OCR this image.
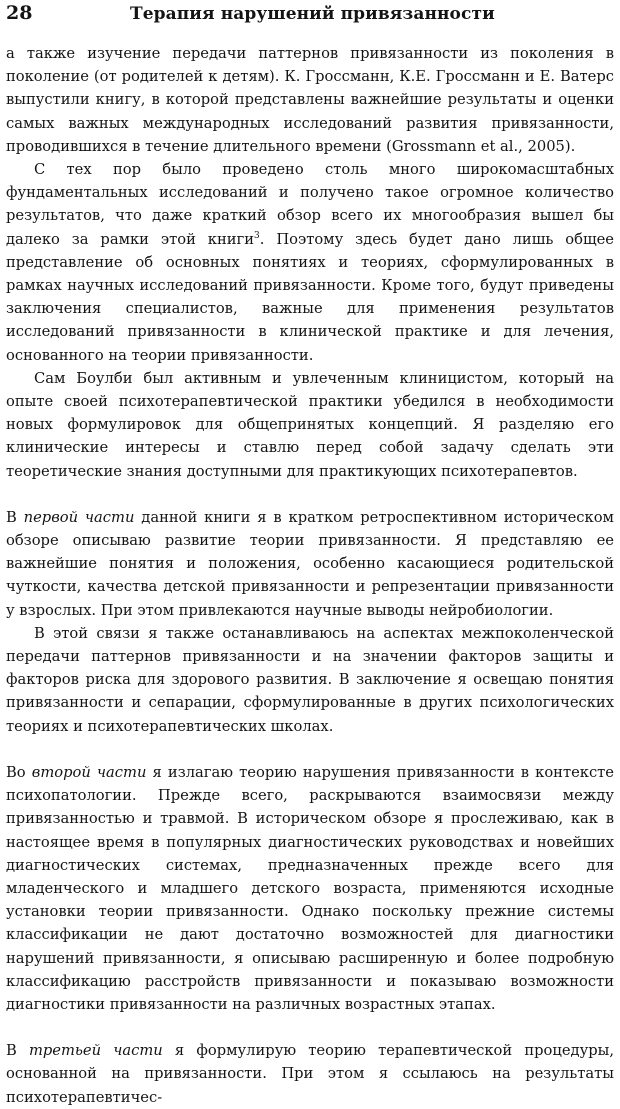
28	Терапия нарушений привязанности

а также изучение передачи паттернов привязанности из поколения в поколение (от родителей к детям). К. Гроссманн, К.Е. Гроссманн и Е. Ватерс выпустили книгу, в которой представлены важнейшие результаты и оценки самых важных международных исследований развития привязанности, проводившихся в течение длительного времени (Grossmann et al., 2005).

С тех пор было проведено столь много широкомасштабных фундаментальных исследований и получено такое огромное количество результатов, что даже краткий обзор всего их многообразия вышел бы далеко за рамки этой книги$^3$. Поэтому здесь будет дано лишь общее представление об основных понятиях и теориях, сформулированных в рамках научных исследований привязанности. Кроме того, будут приведены заключения специалистов, важные для применения результатов исследований привязанности в клинической практике и для лечения, основанного на теории привязанности.

Сам Боулби был активным и увлеченным клиницистом, который на опыте своей психотерапевтической практики убедился в необходимости новых формулировок для общепринятых концепций. Я разделяю его клинические интересы и ставлю перед собой задачу сделать эти теоретические знания доступными для практикующих психотерапевтов.

В первой части данной книги я в кратком ретроспективном историческом обзоре описываю развитие теории привязанности. Я представляю ее важнейшие понятия и положения, особенно касающиеся родительской чуткости, качества детской привязанности и репрезентации привязанности у взрослых. При этом привлекаются научные выводы нейробиологии.

В этой связи я также останавливаюсь на аспектах межпоколенческой передачи паттернов привязанности и на значении факторов защиты и факторов риска для здорового развития. В заключение я освещаю понятия привязанности и сепарации, сформулированные в других психологических теориях и психотерапевтических школах.

Во второй части я излагаю теорию нарушения привязанности в контексте психопатологии. Прежде всего, раскрываются взаимосвязи между привязанностью и травмой. В историческом обзоре я прослеживаю, как в настоящее время в популярных диагностических руководствах и новейших диагностических системах, предназначенных прежде всего для младенческого и младшего детского возраста, применяются исходные установки теории привязанности. Однако поскольку прежние системы классификации не дают достаточно возможностей для диагностики нарушений привязанности, я описываю расширенную и более подробную классификацию расстройств привязанности и показываю возможности диагностики привязанности на различных возрастных этапах.

В третьей части я формулирую теорию терапевтической процедуры, основанной на привязанности. При этом я ссылаюсь на результаты психотерапевтичес-
